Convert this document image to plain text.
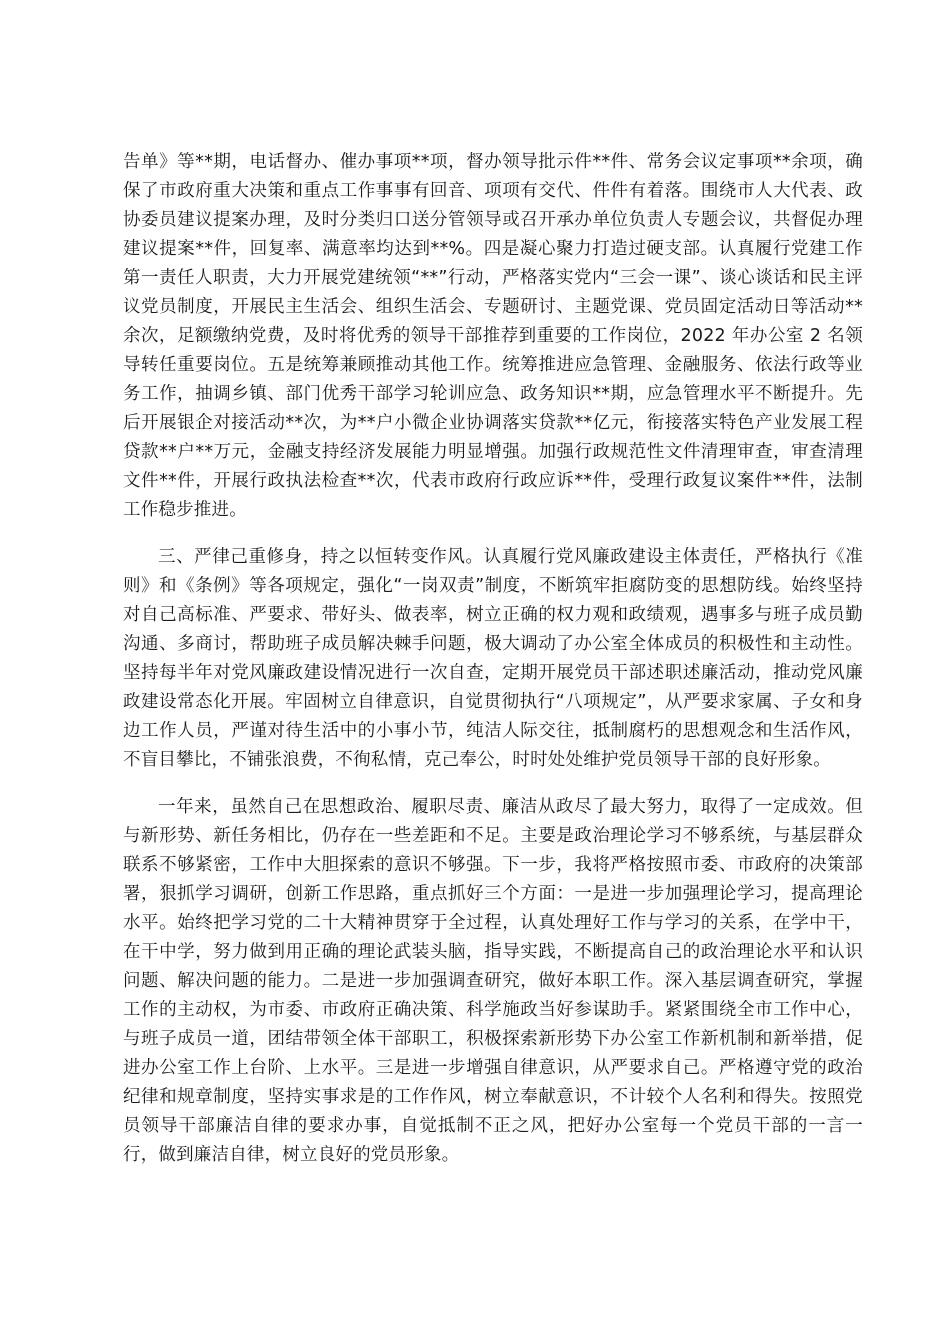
告单》等**期，电话督办、催办事项**项，督办领导批示件**件、常务会议定事项**余项，确保了市政府重大决策和重点工作事事有回音、项项有交代、件件有着落。围绕市人大代表、政协委员建议提案办理，及时分类归口送分管领导或召开承办单位负责人专题会议，共督促办理建议提案**件，回复率、满意率均达到**%。四是凝心聚力打造过硬支部。认真履行党建工作第一责任人职责，大力开展党建统领“**”行动，严格落实党内“三会一课”、谈心谈话和民主评议党员制度，开展民主生活会、组织生活会、专题研讨、主题党课、党员固定活动日等活动**余次，足额缴纳党费，及时将优秀的领导干部推荐到重要的工作岗位，2022 年办公室 2 名领导转任重要岗位。五是统筹兼顾推动其他工作。统筹推进应急管理、金融服务、依法行政等业务工作，抽调乡镇、部门优秀干部学习轮训应急、政务知识**期，应急管理水平不断提升。先后开展银企对接活动**次，为**户小微企业协调落实贷款**亿元，衔接落实特色产业发展工程贷款**户**万元，金融支持经济发展能力明显增强。加强行政规范性文件清理审查，审查清理文件**件，开展行政执法检查**次，代表市政府行政应诉**件，受理行政复议案件**件，法制工作稳步推进。

三、严律己重修身，持之以恒转变作风。认真履行党风廉政建设主体责任，严格执行《准则》和《条例》等各项规定，强化“一岗双责”制度，不断筑牢拒腐防变的思想防线。始终坚持对自己高标准、严要求、带好头、做表率，树立正确的权力观和政绩观，遇事多与班子成员勤沟通、多商讨，帮助班子成员解决棘手问题，极大调动了办公室全体成员的积极性和主动性。坚持每半年对党风廉政建设情况进行一次自查，定期开展党员干部述职述廉活动，推动党风廉政建设常态化开展。牢固树立自律意识，自觉贯彻执行“八项规定”，从严要求家属、子女和身边工作人员，严谨对待生活中的小事小节，纯洁人际交往，抵制腐朽的思想观念和生活作风，不盲目攀比，不铺张浪费，不徇私情，克己奉公，时时处处维护党员领导干部的良好形象。

一年来，虽然自己在思想政治、履职尽责、廉洁从政尽了最大努力，取得了一定成效。但与新形势、新任务相比，仍存在一些差距和不足。主要是政治理论学习不够系统，与基层群众联系不够紧密，工作中大胆探索的意识不够强。下一步，我将严格按照市委、市政府的决策部署，狠抓学习调研，创新工作思路，重点抓好三个方面：一是进一步加强理论学习，提高理论水平。始终把学习党的二十大精神贯穿于全过程，认真处理好工作与学习的关系，在学中干，在干中学，努力做到用正确的理论武装头脑，指导实践，不断提高自己的政治理论水平和认识问题、解决问题的能力。二是进一步加强调查研究，做好本职工作。深入基层调查研究，掌握工作的主动权，为市委、市政府正确决策、科学施政当好参谋助手。紧紧围绕全市工作中心，与班子成员一道，团结带领全体干部职工，积极探索新形势下办公室工作新机制和新举措，促进办公室工作上台阶、上水平。三是进一步增强自律意识，从严要求自己。严格遵守党的政治纪律和规章制度，坚持实事求是的工作作风，树立奉献意识，不计较个人名利和得失。按照党员领导干部廉洁自律的要求办事，自觉抵制不正之风，把好办公室每一个党员干部的一言一行，做到廉洁自律，树立良好的党员形象。
